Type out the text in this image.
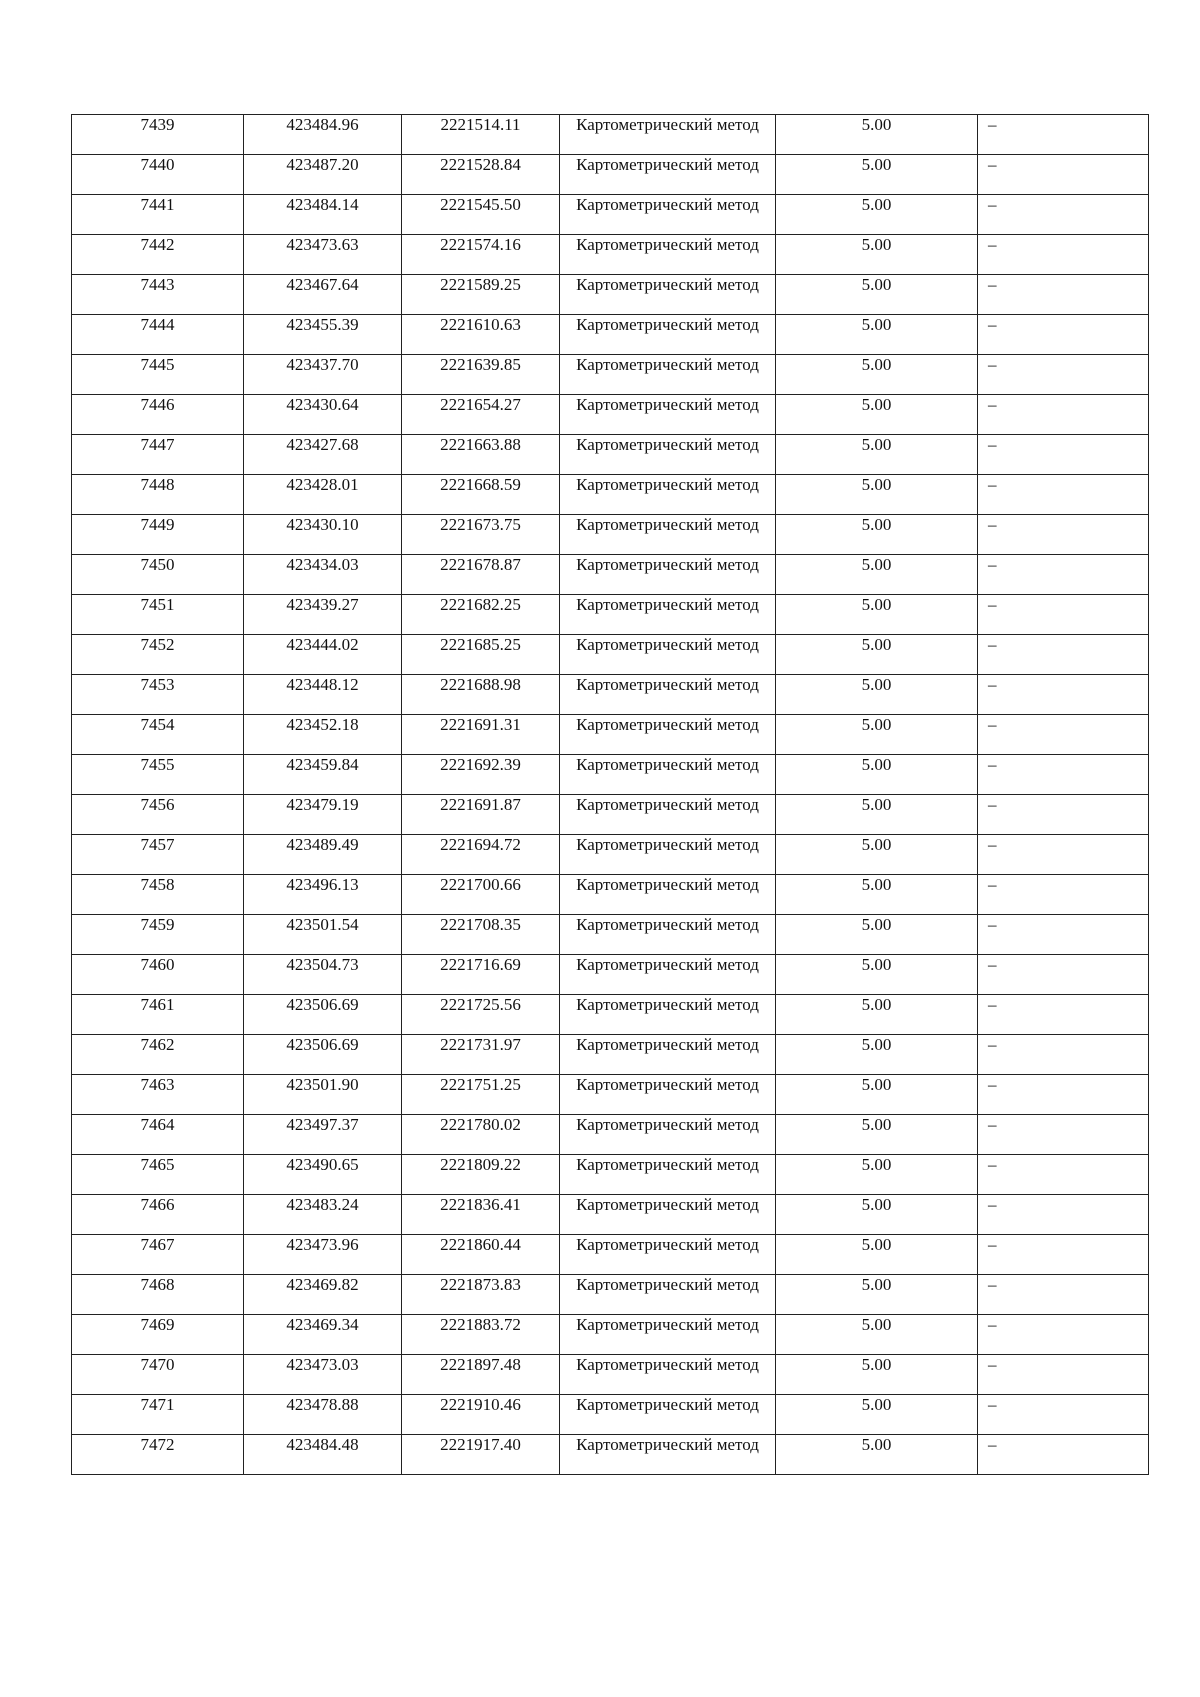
7439	423484.96	2221514.11	Картометрический метод	5.00	–
7440	423487.20	2221528.84	Картометрический метод	5.00	–
7441	423484.14	2221545.50	Картометрический метод	5.00	–
7442	423473.63	2221574.16	Картометрический метод	5.00	–
7443	423467.64	2221589.25	Картометрический метод	5.00	–
7444	423455.39	2221610.63	Картометрический метод	5.00	–
7445	423437.70	2221639.85	Картометрический метод	5.00	–
7446	423430.64	2221654.27	Картометрический метод	5.00	–
7447	423427.68	2221663.88	Картометрический метод	5.00	–
7448	423428.01	2221668.59	Картометрический метод	5.00	–
7449	423430.10	2221673.75	Картометрический метод	5.00	–
7450	423434.03	2221678.87	Картометрический метод	5.00	–
7451	423439.27	2221682.25	Картометрический метод	5.00	–
7452	423444.02	2221685.25	Картометрический метод	5.00	–
7453	423448.12	2221688.98	Картометрический метод	5.00	–
7454	423452.18	2221691.31	Картометрический метод	5.00	–
7455	423459.84	2221692.39	Картометрический метод	5.00	–
7456	423479.19	2221691.87	Картометрический метод	5.00	–
7457	423489.49	2221694.72	Картометрический метод	5.00	–
7458	423496.13	2221700.66	Картометрический метод	5.00	–
7459	423501.54	2221708.35	Картометрический метод	5.00	–
7460	423504.73	2221716.69	Картометрический метод	5.00	–
7461	423506.69	2221725.56	Картометрический метод	5.00	–
7462	423506.69	2221731.97	Картометрический метод	5.00	–
7463	423501.90	2221751.25	Картометрический метод	5.00	–
7464	423497.37	2221780.02	Картометрический метод	5.00	–
7465	423490.65	2221809.22	Картометрический метод	5.00	–
7466	423483.24	2221836.41	Картометрический метод	5.00	–
7467	423473.96	2221860.44	Картометрический метод	5.00	–
7468	423469.82	2221873.83	Картометрический метод	5.00	–
7469	423469.34	2221883.72	Картометрический метод	5.00	–
7470	423473.03	2221897.48	Картометрический метод	5.00	–
7471	423478.88	2221910.46	Картометрический метод	5.00	–
7472	423484.48	2221917.40	Картометрический метод	5.00	–
